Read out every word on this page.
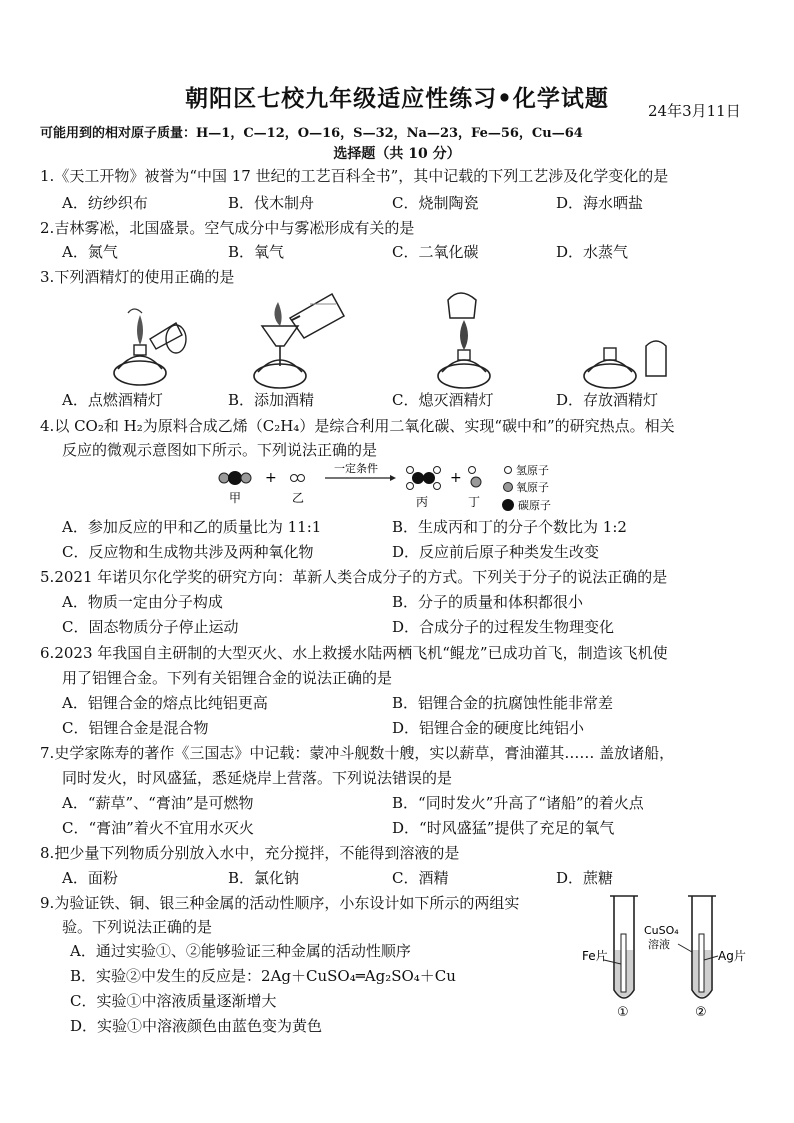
朝阳区七校九年级适应性练习•化学试题	24年3月11日
可能用到的相对原子质量：H—1，C—12，O—16，S—32，Na—23，Fe—56，Cu—64
选择题（共 10 分）
1.《天工开物》被誉为“中国 17 世纪的工艺百科全书”，其中记载的下列工艺涉及化学变化的是
A．纺纱织布	B．伐木制舟	C．烧制陶瓷	D．海水晒盐
2.吉林雾凇，北国盛景。空气成分中与雾凇形成有关的是
A．氮气	B．氧气	C．二氧化碳	D．水蒸气
3.下列酒精灯的使用正确的是
A．点燃酒精灯	B．添加酒精	C．熄灭酒精灯	D．存放酒精灯
4.以 CO₂和 H₂为原料合成乙烯（C₂H₄）是综合利用二氧化碳、实现“碳中和”的研究热点。相关
反应的微观示意图如下所示。下列说法正确的是
甲
+
乙
一定条件
丙
+
丁
氢原子
氧原子
碳原子
A．参加反应的甲和乙的质量比为 11:1	B．生成丙和丁的分子个数比为 1:2
C．反应物和生成物共涉及两种氧化物	D．反应前后原子种类发生改变
5.2021 年诺贝尔化学奖的研究方向：革新人类合成分子的方式。下列关于分子的说法正确的是
A．物质一定由分子构成	B．分子的质量和体积都很小
C．固态物质分子停止运动	D．合成分子的过程发生物理变化
6.2023 年我国自主研制的大型灭火、水上救援水陆两栖飞机“鲲龙”已成功首飞，制造该飞机使
用了铝锂合金。下列有关铝锂合金的说法正确的是
A．铝锂合金的熔点比纯铝更高	B．铝锂合金的抗腐蚀性能非常差
C．铝锂合金是混合物	D．铝锂合金的硬度比纯铝小
7.史学家陈寿的著作《三国志》中记载：蒙冲斗舰数十艘，实以薪草，膏油灌其…… 盖放诸船，
同时发火，时风盛猛，悉延烧岸上营落。下列说法错误的是
A．“薪草”、“膏油”是可燃物	B．“同时发火”升高了“诸船”的着火点
C．“膏油”着火不宜用水灭火	D．“时风盛猛”提供了充足的氧气
8.把少量下列物质分别放入水中，充分搅拌，不能得到溶液的是
A．面粉	B．氯化钠	C．酒精	D．蔗糖
9.为验证铁、铜、银三种金属的活动性顺序，小东设计如下所示的两组实
验。下列说法正确的是
A．通过实验①、②能够验证三种金属的活动性顺序
B．实验②中发生的反应是：2Ag＋CuSO₄═Ag₂SO₄＋Cu
C．实验①中溶液质量逐渐增大
D．实验①中溶液颜色由蓝色变为黄色
Fe片
①
Ag片
②
CuSO₄
溶液
